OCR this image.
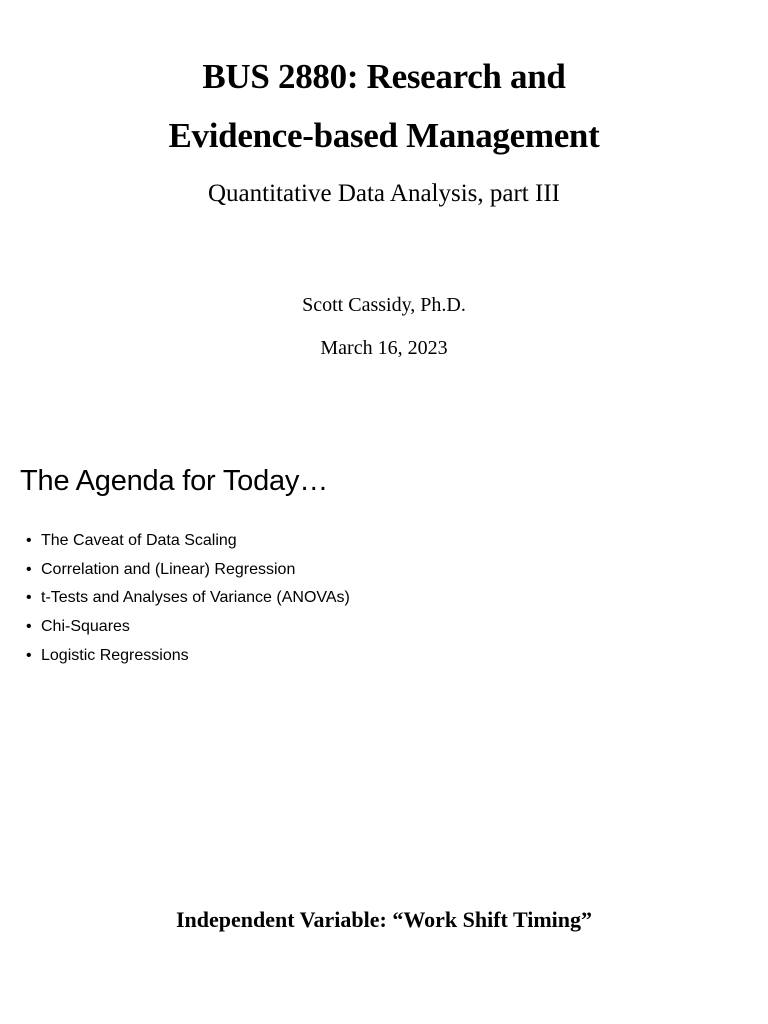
BUS 2880: Research and
Evidence-based Management
Quantitative Data Analysis, part III
Scott Cassidy, Ph.D.
March 16, 2023
The Agenda for Today…
• The Caveat of Data Scaling
• Correlation and (Linear) Regression
• t-Tests and Analyses of Variance (ANOVAs)
• Chi-Squares
• Logistic Regressions
Independent Variable: “Work Shift Timing”
